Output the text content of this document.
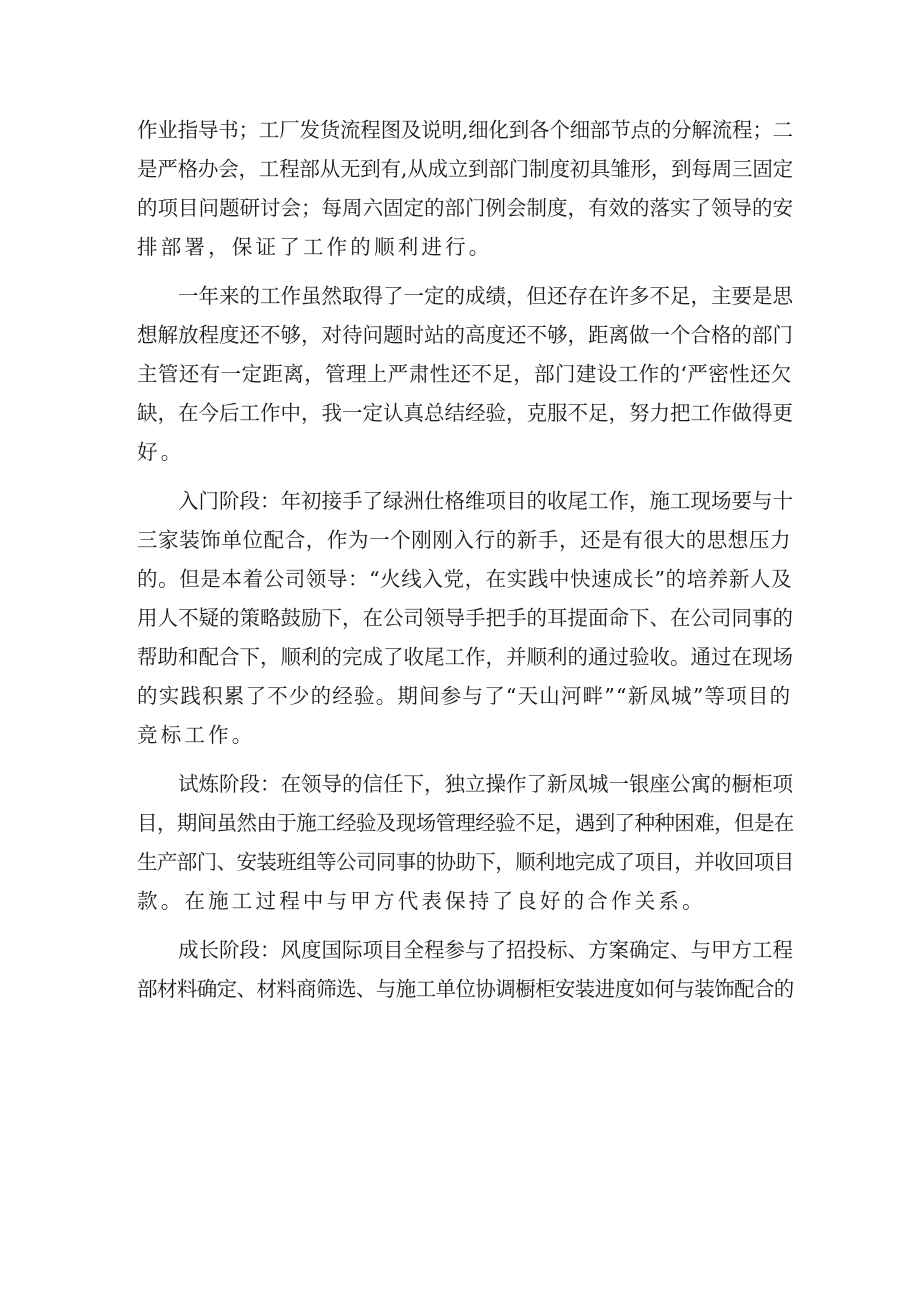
作业指导书；工厂发货流程图及说明,细化到各个细部节点的分解流程；二
是严格办会，工程部从无到有,从成立到部门制度初具雏形，到每周三固定
的项目问题研讨会；每周六固定的部门例会制度，有效的落实了领导的安
排部署，保证了工作的顺利进行。

一年来的工作虽然取得了一定的成绩，但还存在许多不足，主要是思
想解放程度还不够，对待问题时站的高度还不够，距离做一个合格的部门
主管还有一定距离，管理上严肃性还不足，部门建设工作的‘严密性还欠
缺，在今后工作中，我一定认真总结经验，克服不足，努力把工作做得更
好。

入门阶段：年初接手了绿洲仕格维项目的收尾工作，施工现场要与十
三家装饰单位配合，作为一个刚刚入行的新手，还是有很大的思想压力
的。但是本着公司领导：“火线入党，在实践中快速成长”的培养新人及
用人不疑的策略鼓励下，在公司领导手把手的耳提面命下、在公司同事的
帮助和配合下，顺利的完成了收尾工作，并顺利的通过验收。通过在现场
的实践积累了不少的经验。期间参与了“天山河畔”“新凤城”等项目的
竞标工作。

试炼阶段：在领导的信任下，独立操作了新凤城一银座公寓的橱柜项
目，期间虽然由于施工经验及现场管理经验不足，遇到了种种困难，但是在
生产部门、安装班组等公司同事的协助下，顺利地完成了项目，并收回项目
款。在施工过程中与甲方代表保持了良好的合作关系。

成长阶段：风度国际项目全程参与了招投标、方案确定、与甲方工程
部材料确定、材料商筛选、与施工单位协调橱柜安装进度如何与装饰配合的
